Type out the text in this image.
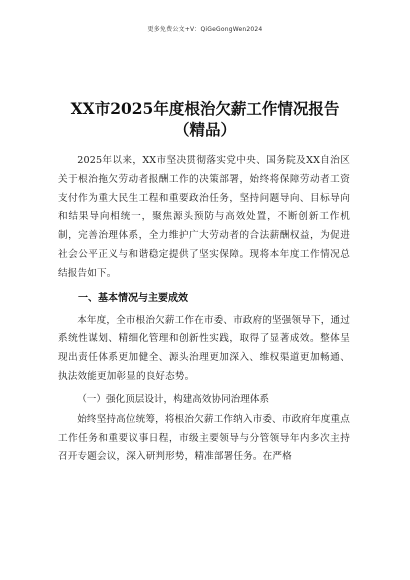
更多免费公文+V：QiGeGongWen2024
XX市2025年度根治欠薪工作情况报告
（精品）

2025年以来，XX市坚决贯彻落实党中央、国务院及XX自治区关于根治拖欠劳动者报酬工作的决策部署，始终将保障劳动者工资支付作为重大民生工程和重要政治任务，坚持问题导向、目标导向和结果导向相统一，聚焦源头预防与高效处置，不断创新工作机制，完善治理体系，全力维护广大劳动者的合法薪酬权益，为促进社会公平正义与和谐稳定提供了坚实保障。现将本年度工作情况总结报告如下。

一、基本情况与主要成效

本年度，全市根治欠薪工作在市委、市政府的坚强领导下，通过系统性谋划、精细化管理和创新性实践，取得了显著成效。整体呈现出责任体系更加健全、源头治理更加深入、维权渠道更加畅通、执法效能更加彰显的良好态势。

（一）强化顶层设计，构建高效协同治理体系

始终坚持高位统筹，将根治欠薪工作纳入市委、市政府年度重点工作任务和重要议事日程，市级主要领导与分管领导年内多次主持召开专题会议，深入研判形势，精准部署任务。在严格
